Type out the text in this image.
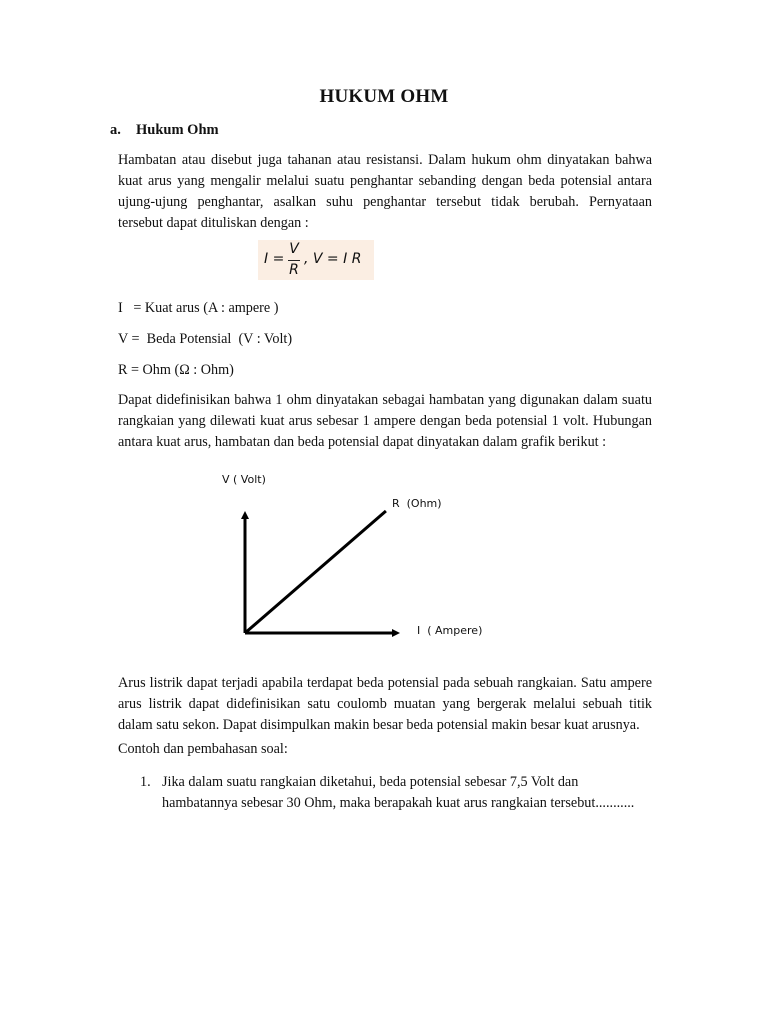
HUKUM OHM
a. Hukum Ohm
Hambatan atau disebut juga tahanan atau resistansi. Dalam hukum ohm dinyatakan bahwa
kuat arus yang mengalir melalui suatu penghantar sebanding dengan beda potensial antara
ujung-ujung penghantar, asalkan suhu penghantar tersebut tidak berubah. Pernyataan
tersebut dapat dituliskan dengan :
I =
V
R
, V = I R
I   = Kuat arus (A : ampere )
V =  Beda Potensial  (V : Volt)
R = Ohm (Ω : Ohm)
Dapat didefinisikan bahwa 1 ohm dinyatakan sebagai hambatan yang digunakan dalam suatu
rangkaian yang dilewati kuat arus sebesar 1 ampere dengan beda potensial 1 volt. Hubungan
antara kuat arus, hambatan dan beda potensial dapat dinyatakan dalam grafik berikut :
V ( Volt)
R  (Ohm)
I  ( Ampere)
Arus listrik dapat terjadi apabila terdapat beda potensial pada sebuah rangkaian. Satu ampere
arus listrik dapat didefinisikan satu coulomb muatan yang bergerak melalui sebuah titik
dalam satu sekon. Dapat disimpulkan makin besar beda potensial makin besar kuat arusnya.
Contoh dan pembahasan soal:
1. Jika dalam suatu rangkaian diketahui, beda potensial sebesar 7,5 Volt dan
hambatannya sebesar 30 Ohm, maka berapakah kuat arus rangkaian tersebut...........
